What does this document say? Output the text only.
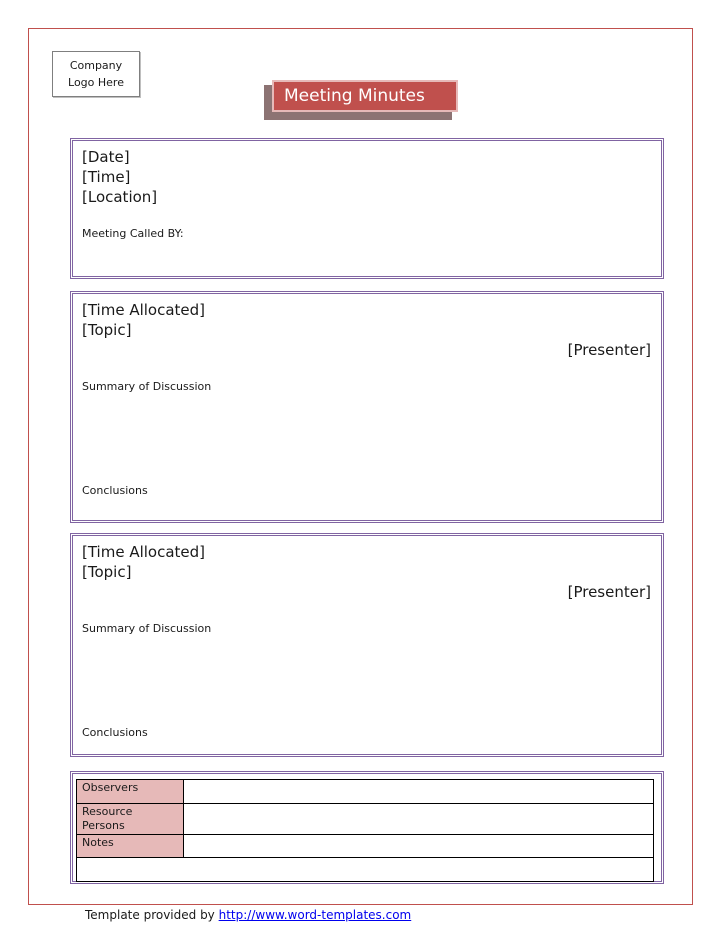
Company
Logo Here
Meeting Minutes
[Date]
[Time]
[Location]
Meeting Called BY:
[Time Allocated]
[Topic]
[Presenter]
Summary of Discussion
Conclusions
[Time Allocated]
[Topic]
[Presenter]
Summary of Discussion
Conclusions
Observers	
Resource Persons	
Notes	

Template provided by http://www.word-templates.com
